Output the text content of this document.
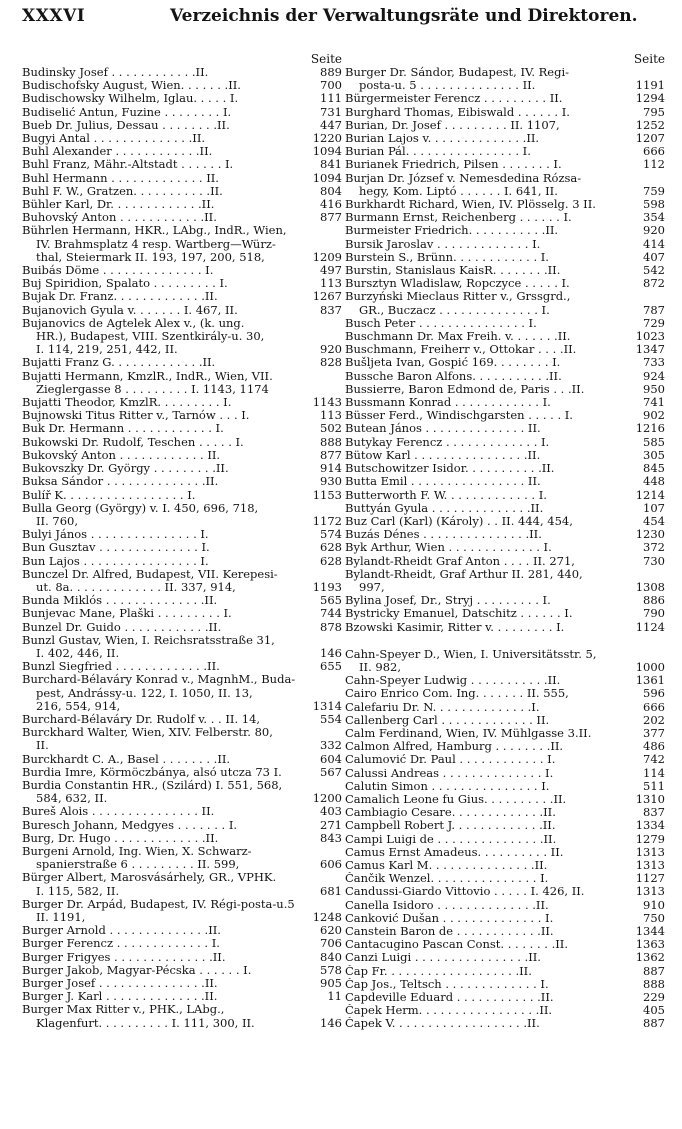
XXXVI	Verzeichnis der Verwaltungsräte und Direktoren.
Seite
Budinsky Josef . . . . . . . . . . . .II.	889
Budischofsky August, Wien. . . . . . .II.	700
Budischowsky Wilhelm, Iglau. . . . . I.	111
Budiselić Antun, Fuzine . . . . . . . . I.	731
Bueb Dr. Julius, Dessau . . . . . . . .II.	447
Bugyi Antal . . . . . . . . . . . . . .II.	1220
Buhl Alexander . . . . . . . . . . . .II.	1094
Buhl Franz, Mähr.-Altstadt . . . . . . I.	841
Buhl Hermann . . . . . . . . . . . . . II.	1094
Buhl F. W., Gratzen. . . . . . . . . . .II.	804
Bühler Karl, Dr. . . . . . . . . . . . .II.	416
Buhovský Anton . . . . . . . . . . . .II.	877
Bührlen Hermann, HKR., LAbg., IndR., Wien,
IV. Brahmsplatz 4 resp. Wartberg—Würz-
thal, Steiermark II. 193, 197, 200, 518,	1209
Buibás Döme . . . . . . . . . . . . . . I.	497
Buj Spiridion, Spalato . . . . . . . . . I.	113
Bujak Dr. Franz. . . . . . . . . . . . .II.	1267
Bujanovich Gyula v. . . . . . . I. 467, II.	837
Bujanovics de Agtelek Alex v., (k. ung.
HR.), Budapest, VIII. Szentkirály-u. 30,
I. 114, 219, 251, 442, II.	920
Bujatti Franz G. . . . . . . . . . . . .II.	828
Bujatti Hermann, KmzlR., IndR., Wien, VII.
Zieglergasse 8 . . . . . . . . . I. 1143, 1174
Bujatti Theodor, KmzlR. . . . . . . . . I.	1143
Bujnowski Titus Ritter v., Tarnów . . . I.	113
Buk Dr. Hermann . . . . . . . . . . . . I.	502
Bukowski Dr. Rudolf, Teschen . . . . . I.	888
Bukovský Anton . . . . . . . . . . . . II.	877
Bukovszky Dr. György . . . . . . . . .II.	914
Buksa Sándor . . . . . . . . . . . . . .II.	930
Bulíř K. . . . . . . . . . . . . . . . . I.	1153
Bulla Georg (György) v. I. 450, 696, 718,
II. 760,	1172
Bulyi János . . . . . . . . . . . . . . . I.	574
Bun Gusztav . . . . . . . . . . . . . . I.	628
Bun Lajos . . . . . . . . . . . . . . . . I.	628
Bunczel Dr. Alfred, Budapest, VII. Kerepesi-
ut. 8a. . . . . . . . . . . . . II. 337, 914,	1193
Bunda Miklós . . . . . . . . . . . . . .II.	565
Bunjevac Mane, Plaški . . . . . . . . . I.	744
Bunzel Dr. Guido . . . . . . . . . . . .II.	878
Bunzl Gustav, Wien, I. Reichsratsstraße 31,
I. 402, 446, II.	146
Bunzl Siegfried . . . . . . . . . . . . .II.	655
Burchard-Bélaváry Konrad v., MagnhM., Buda-
pest, Andrássy-u. 122, I. 1050, II. 13,
216, 554, 914,	1314
Burchard-Bélaváry Dr. Rudolf v. . . II. 14,	554
Burckhard Walter, Wien, XIV. Felberstr. 80,
II.	332
Burckhardt C. A., Basel . . . . . . . .II.	604
Burdia Imre, Körmöczbánya, alsó utcza 73 I.	567
Burdia Constantin HR., (Szilárd) I. 551, 568,
584, 632, II.	1200
Bureš Alois . . . . . . . . . . . . . . . II.	403
Buresch Johann, Medgyes . . . . . . . I.	271
Burg, Dr. Hugo . . . . . . . . . . . . .II.	843
Burgeni Arnold, Ing. Wien, X. Schwarz-
spanierstraße 6 . . . . . . . . . II. 599,	606
Bürger Albert, Marosvásárhely, GR., VPHK.
I. 115, 582, II.	681
Burger Dr. Arpád, Budapest, IV. Régi-posta-u.5
II. 1191,	1248
Burger Arnold . . . . . . . . . . . . . .II.	620
Burger Ferencz . . . . . . . . . . . . . I.	706
Burger Frigyes . . . . . . . . . . . . . .II.	840
Burger Jakob, Magyar-Pécska . . . . . . I.	578
Burger Josef . . . . . . . . . . . . . . .II.	905
Burger J. Karl . . . . . . . . . . . . . .II.	11
Burger Max Ritter v., PHK., LAbg.,
Klagenfurt. . . . . . . . . . I. 111, 300, II.	146
Seite
Burger Dr. Sándor, Budapest, IV. Regi-
posta-u. 5 . . . . . . . . . . . . . . II.	1191
Bürgermeister Ferencz . . . . . . . . . II.	1294
Burghard Thomas, Eibiswald . . . . . . I.	795
Burian, Dr. Josef . . . . . . . . . II. 1107,	1252
Burian Lajos v. . . . . . . . . . . . . .II.	1207
Burian Pál. . . . . . . . . . . . . . . . I.	666
Burianek Friedrich, Pilsen . . . . . . . I.	112
Burjan Dr. József v. Nemesdedina Rózsa-
hegy, Kom. Liptó . . . . . . I. 641, II.	759
Burkhardt Richard, Wien, IV. Plösselg. 3 II.	598
Burmann Ernst, Reichenberg . . . . . . I.	354
Burmeister Friedrich. . . . . . . . . . .II.	920
Bursik Jaroslav . . . . . . . . . . . . . I.	414
Burstein S., Brünn. . . . . . . . . . . . I.	407
Burstin, Stanislaus KaisR. . . . . . . .II.	542
Bursztyn Wladislaw, Ropczyce . . . . . I.	872
Burzyński Mieclaus Ritter v., Grssgrd.,
GR., Buczacz . . . . . . . . . . . . . . I.	787
Busch Peter . . . . . . . . . . . . . . . I.	729
Buschmann Dr. Max Freih. v. . . . . . .II.	1023
Buschmann, Freiherr v., Ottokar . . . .II.	1347
Bušljeta Ivan, Gospić 169. . . . . . . . I.	733
Bussche Baron Alfons. . . . . . . . . . .II.	924
Bussierre, Baron Edmond de, Paris . . .II.	950
Bussmann Konrad . . . . . . . . . . . . I.	741
Büsser Ferd., Windischgarsten . . . . . I.	902
Butean János . . . . . . . . . . . . . . II.	1216
Butykay Ferencz . . . . . . . . . . . . . I.	585
Bütow Karl . . . . . . . . . . . . . . . .II.	305
Butschowitzer Isidor. . . . . . . . . . .II.	845
Butta Emil . . . . . . . . . . . . . . . . II.	448
Butterworth F. W. . . . . . . . . . . . . I.	1214
Buttyán Gyula . . . . . . . . . . . . . .II.	107
Buz Carl (Karl) (Károly) . . II. 444, 454,	454
Buzás Dénes . . . . . . . . . . . . . . .II.	1230
Byk Arthur, Wien . . . . . . . . . . . . . I.	372
Bylandt-Rheidt Graf Anton . . . . II. 271,	730
Bylandt-Rheidt, Graf Arthur II. 281, 440,
997,	1308
Bylina Josef, Dr., Stryj . . . . . . . . . I.	886
Bystricky Emanuel, Datschitz . . . . . . I.	790
Bzowski Kasimir, Ritter v. . . . . . . . . I.	1124
Cahn-Speyer D., Wien, I. Universitätsstr. 5,
II. 982,	1000
Cahn-Speyer Ludwig . . . . . . . . . . .II.	1361
Cairo Enrico Com. Ing. . . . . . . II. 555,	596
Calefariu Dr. N. . . . . . . . . . . . . .I.	666
Callenberg Carl . . . . . . . . . . . . . II.	202
Calm Ferdinand, Wien, IV. Mühlgasse 3.II.	377
Calmon Alfred, Hamburg . . . . . . . .II.	486
Calumović Dr. Paul . . . . . . . . . . . . I.	742
Calussi Andreas . . . . . . . . . . . . . . I.	114
Calutin Simon . . . . . . . . . . . . . . . I.	511
Camalich Leone fu Gius. . . . . . . . . .II.	1310
Cambiagio Cesare. . . . . . . . . . . . .II.	837
Campbell Robert J. . . . . . . . . . . . .II.	1334
Campi Luigi de . . . . . . . . . . . . . . .II.	1279
Camus Ernst Amadeus. . . . . . . . . . II.	1313
Camus Karl M. . . . . . . . . . . . . . .II.	1313
Čančik Wenzel. . . . . . . . . . . . . . . I.	1127
Candussi-Giardo Vittovio . . . . . I. 426, II.	1313
Canella Isidoro . . . . . . . . . . . . . .II.	910
Canković Dušan . . . . . . . . . . . . . . I.	750
Canstein Baron de . . . . . . . . . . . .II.	1344
Cantacugino Pascan Const. . . . . . . .II.	1363
Canzi Luigi . . . . . . . . . . . . . . . .II.	1362
Čap Fr. . . . . . . . . . . . . . . . . . .II.	887
Čap Jos., Teltsch . . . . . . . . . . . . . I.	888
Capdeville Eduard . . . . . . . . . . . .II.	229
Čapek Herm. . . . . . . . . . . . . . . . .II.	405
Čapek V. . . . . . . . . . . . . . . . . . .II.	887
